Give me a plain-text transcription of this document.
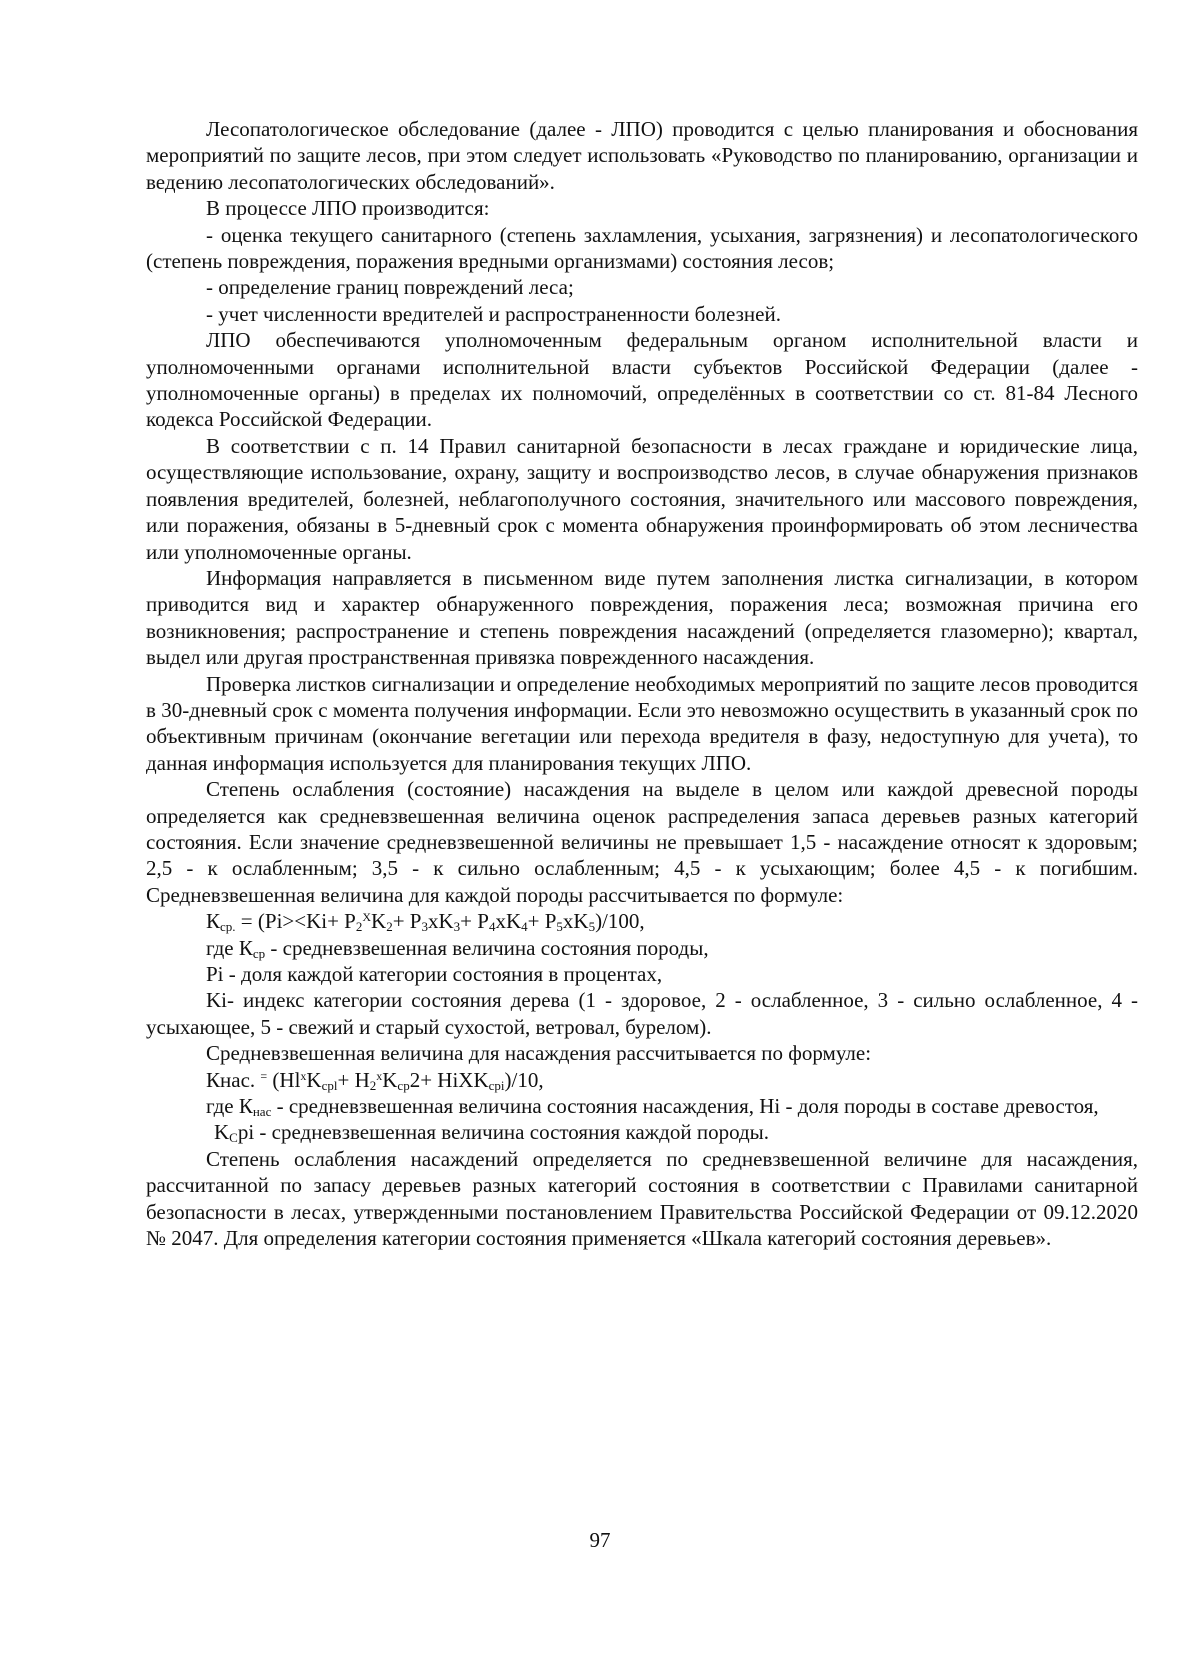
Лесопатологическое обследование (далее - ЛПО) проводится с целью планирования и обоснования мероприятий по защите лесов, при этом следует использовать «Руководство по планированию, организации и ведению лесопатологических обследований».

В процессе ЛПО производится:

- оценка текущего санитарного (степень захламления, усыхания, загрязнения) и лесопатологического (степень повреждения, поражения вредными организмами) состояния лесов;

- определение границ повреждений леса;

- учет численности вредителей и распространенности болезней.

ЛПО обеспечиваются уполномоченным федеральным органом исполнительной власти и уполномоченными органами исполнительной власти субъектов Российской Федерации (далее - уполномоченные органы) в пределах их полномочий, определённых в соответствии со ст. 81-84 Лесного кодекса Российской Федерации.

В соответствии с п. 14 Правил санитарной безопасности в лесах граждане и юридические лица, осуществляющие использование, охрану, защиту и воспроизводство лесов, в случае обнаружения признаков появления вредителей, болезней, неблагополучного состояния, значительного или массового повреждения, или поражения, обязаны в 5-дневный срок с момента обнаружения проинформировать об этом лесничества или уполномоченные органы.

Информация направляется в письменном виде путем заполнения листка сигнализации, в котором приводится вид и характер обнаруженного повреждения, поражения леса; возможная причина его возникновения; распространение и степень повреждения насаждений (определяется глазомерно); квартал, выдел или другая пространственная привязка поврежденного насаждения.

Проверка листков сигнализации и определение необходимых мероприятий по защите лесов проводится в 30-дневный срок с момента получения информации. Если это невозможно осуществить в указанный срок по объективным причинам (окончание вегетации или перехода вредителя в фазу, недоступную для учета), то данная информация используется для планирования текущих ЛПО.

Степень ослабления (состояние) насаждения на выделе в целом или каждой древесной породы определяется как средневзвешенная величина оценок распределения запаса деревьев разных категорий состояния. Если значение средневзвешенной величины не превышает 1,5 - насаждение относят к здоровым; 2,5 - к ослабленным; 3,5 - к сильно ослабленным; 4,5 - к усыхающим; более 4,5 - к погибшим. Средневзвешенная величина для каждой породы рассчитывается по формуле:

$К_{ср.} = (Pi><Ki+ P_2^XK_2+ P_3xK_3+ P_4xK_4+ P_5xK_5)/100$,

где $К_{ср}$ - средневзвешенная величина состояния породы,

Pi - доля каждой категории состояния в процентах,

Ki- индекс категории состояния дерева (1 - здоровое, 2 - ослабленное, 3 - сильно ослабленное, 4 - усыхающее, 5 - свежий и старый сухостой, ветровал, бурелом).

Средневзвешенная величина для насаждения рассчитывается по формуле:

Кнас. = ($Hl^xK_{cpl}+ H_2^xK_{cp}2+$ HiXK$_{cpi}$)/10,

где $К_{нас}$ - средневзвешенная величина состояния насаждения, Hi - доля породы в составе древостоя,

$K_Cpi$ - средневзвешенная величина состояния каждой породы.

Степень ослабления насаждений определяется по средневзвешенной величине для насаждения, рассчитанной по запасу деревьев разных категорий состояния в соответствии с Правилами санитарной безопасности в лесах, утвержденными постановлением Правительства Российской Федерации от 09.12.2020 № 2047. Для определения категории состояния применяется «Шкала категорий состояния деревьев».

97
